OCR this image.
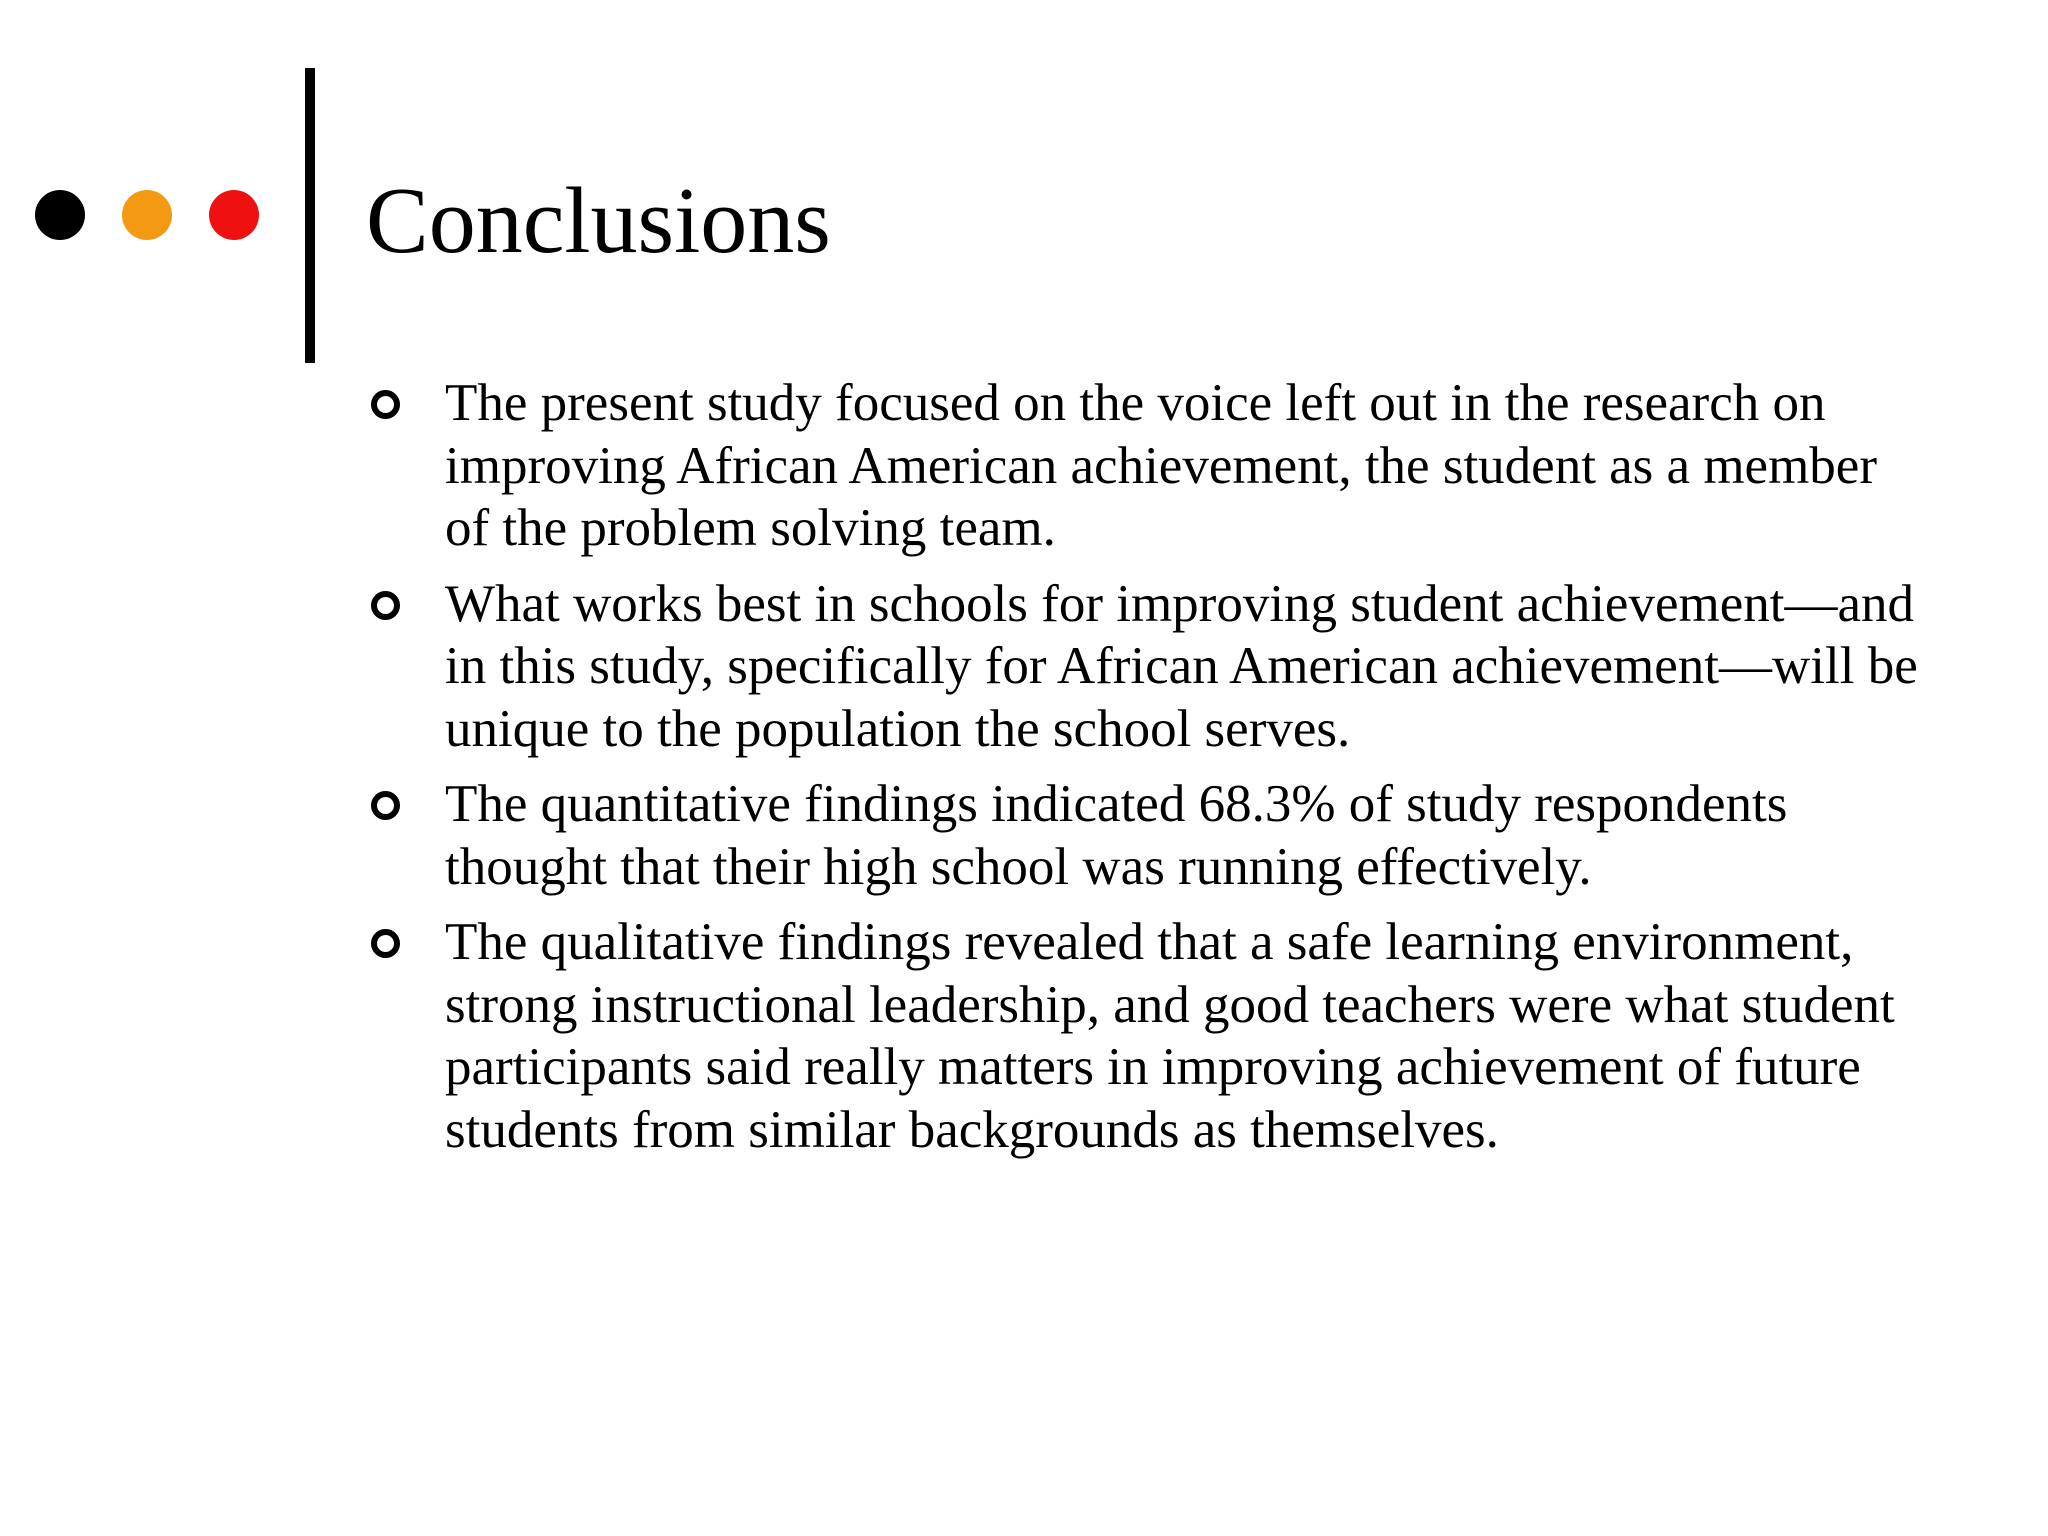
Conclusions
The present study focused on the voice left out in the research on improving African American achievement, the student as a member of the problem solving team.
What works best in schools for improving student achievement—and in this study, specifically for African American achievement—will be unique to the population the school serves.
The quantitative findings indicated 68.3% of study respondents thought that their high school was running effectively.
The qualitative findings revealed that a safe learning environment, strong instructional leadership, and good teachers were what student participants said really matters in improving achievement of future students from similar backgrounds as themselves.
